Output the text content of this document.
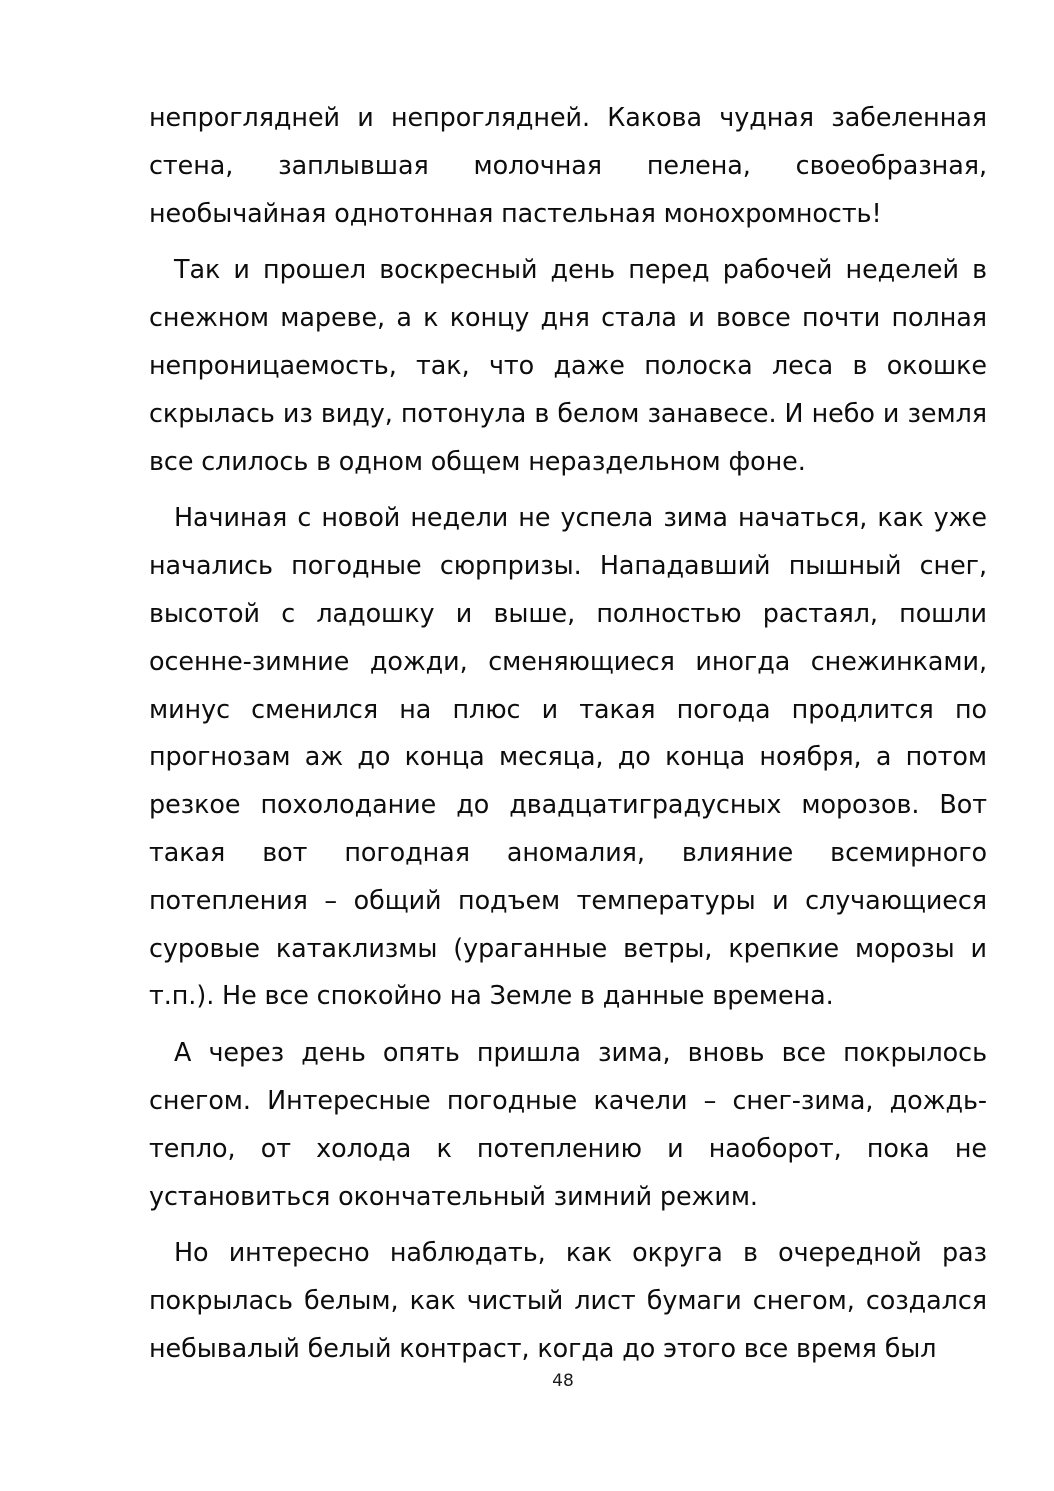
непроглядней и непроглядней. Какова чудная забеленная стена, заплывшая молочная пелена, своеобразная, необычайная однотонная пастельная монохромность!

Так и прошел воскресный день перед рабочей неделей в снежном мареве, а к концу дня стала и вовсе почти полная непроницаемость, так, что даже полоска леса в окошке скрылась из виду, потонула в белом занавесе. И небо и земля все слилось в одном общем нераздельном фоне.

Начиная с новой недели не успела зима начаться, как уже начались погодные сюрпризы. Нападавший пышный снег, высотой с ладошку и выше, полностью растаял, пошли осенне-зимние дожди, сменяющиеся иногда снежинками, минус сменился на плюс и такая погода продлится по прогнозам аж до конца месяца, до конца ноября, а потом резкое похолодание до двадцатиградусных морозов. Вот такая вот погодная аномалия, влияние всемирного потепления – общий подъем температуры и случающиеся суровые катаклизмы (ураганные ветры, крепкие морозы и т.п.). Не все спокойно на Земле в данные времена.

А через день опять пришла зима, вновь все покрылось снегом. Интересные погодные качели – снег-зима, дождь-тепло, от холода к потеплению и наоборот, пока не установиться окончательный зимний режим.

Но интересно наблюдать, как округа в очередной раз покрылась белым, как чистый лист бумаги снегом, создался небывалый белый контраст, когда до этого все время был

48
